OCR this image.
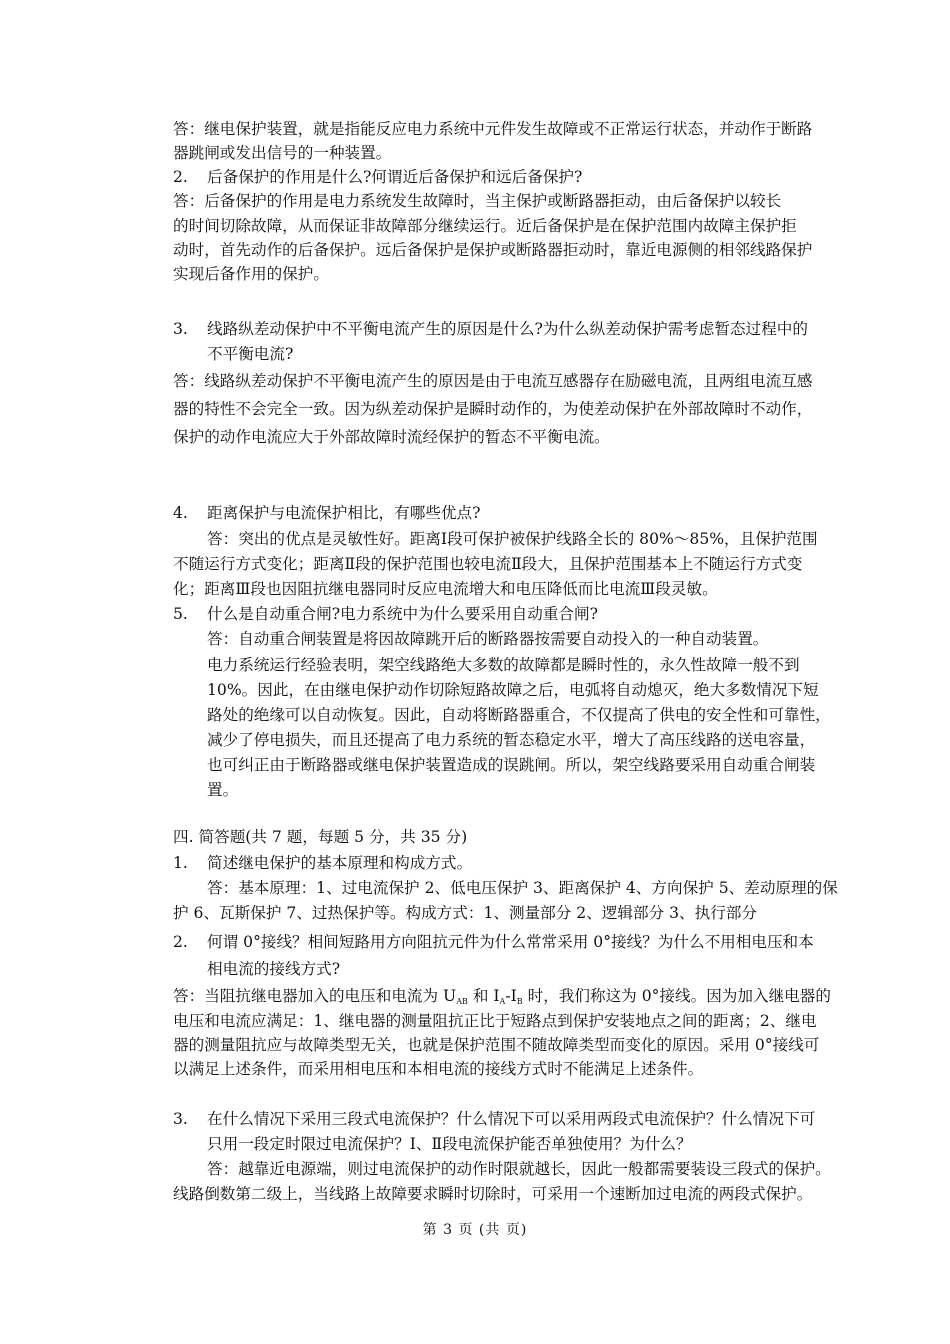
答：继电保护装置，就是指能反应电力系统中元件发生故障或不正常运行状态，并动作于断路
器跳闸或发出信号的一种装置。
2. 后备保护的作用是什么?何谓近后备保护和远后备保护?
答：后备保护的作用是电力系统发生故障时，当主保护或断路器拒动，由后备保护以较长
的时间切除故障，从而保证非故障部分继续运行。近后备保护是在保护范围内故障主保护拒
动时，首先动作的后备保护。远后备保护是保护或断路器拒动时，靠近电源侧的相邻线路保护
实现后备作用的保护。
3. 线路纵差动保护中不平衡电流产生的原因是什么?为什么纵差动保护需考虑暂态过程中的
不平衡电流?
答：线路纵差动保护不平衡电流产生的原因是由于电流互感器存在励磁电流，且两组电流互感
器的特性不会完全一致。因为纵差动保护是瞬时动作的，为使差动保护在外部故障时不动作，
保护的动作电流应大于外部故障时流经保护的暂态不平衡电流。
4. 距离保护与电流保护相比，有哪些优点?
答：突出的优点是灵敏性好。距离Ⅰ段可保护被保护线路全长的 80%～85%，且保护范围
不随运行方式变化；距离Ⅱ段的保护范围也较电流Ⅱ段大，且保护范围基本上不随运行方式变
化；距离Ⅲ段也因阻抗继电器同时反应电流增大和电压降低而比电流Ⅲ段灵敏。
5. 什么是自动重合闸?电力系统中为什么要采用自动重合闸?
答：自动重合闸装置是将因故障跳开后的断路器按需要自动投入的一种自动装置。
电力系统运行经验表明，架空线路绝大多数的故障都是瞬时性的，永久性故障一般不到
10%。因此，在由继电保护动作切除短路故障之后，电弧将自动熄灭，绝大多数情况下短
路处的绝缘可以自动恢复。因此，自动将断路器重合，不仅提高了供电的安全性和可靠性，
减少了停电损失，而且还提高了电力系统的暂态稳定水平，增大了高压线路的送电容量，
也可纠正由于断路器或继电保护装置造成的误跳闸。所以，架空线路要采用自动重合闸装
置。
四. 简答题(共 7 题，每题 5 分，共 35 分)
1. 简述继电保护的基本原理和构成方式。
答：基本原理：1、过电流保护 2、低电压保护 3、距离保护 4、方向保护 5、差动原理的保
护 6、瓦斯保护 7、过热保护等。构成方式：1、测量部分 2、逻辑部分 3、执行部分
2. 何谓 0°接线？相间短路用方向阻抗元件为什么常常采用 0°接线？为什么不用相电压和本
相电流的接线方式?
答：当阻抗继电器加入的电压和电流为 $U_{AB}$ 和 $I_A-I_B$ 时，我们称这为 0°接线。因为加入继电器的
电压和电流应满足：1、继电器的测量阻抗正比于短路点到保护安装地点之间的距离；2、继电
器的测量阻抗应与故障类型无关，也就是保护范围不随故障类型而变化的原因。采用 0°接线可
以满足上述条件，而采用相电压和本相电流的接线方式时不能满足上述条件。
3. 在什么情况下采用三段式电流保护？什么情况下可以采用两段式电流保护？什么情况下可
只用一段定时限过电流保护？Ⅰ、Ⅱ段电流保护能否单独使用？为什么？
答：越靠近电源端，则过电流保护的动作时限就越长，因此一般都需要装设三段式的保护。
线路倒数第二级上，当线路上故障要求瞬时切除时，可采用一个速断加过电流的两段式保护。
第 3 页 (共 页)
